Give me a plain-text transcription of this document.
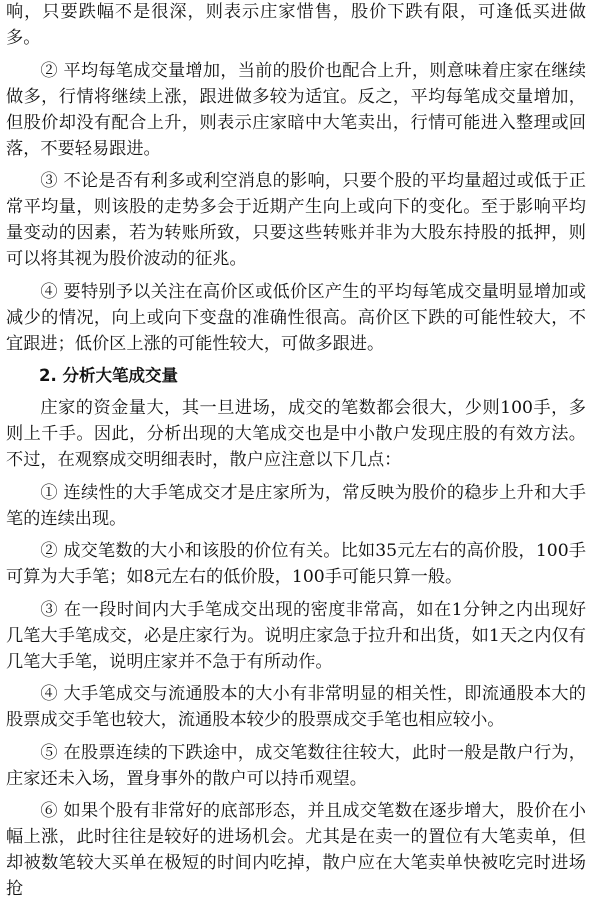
响，只要跌幅不是很深，则表示庄家惜售，股价下跌有限，可逢低买进做多。

② 平均每笔成交量增加，当前的股价也配合上升，则意味着庄家在继续做多，行情将继续上涨，跟进做多较为适宜。反之，平均每笔成交量增加，但股价却没有配合上升，则表示庄家暗中大笔卖出，行情可能进入整理或回落，不要轻易跟进。

③ 不论是否有利多或利空消息的影响，只要个股的平均量超过或低于正常平均量，则该股的走势多会于近期产生向上或向下的变化。至于影响平均量变动的因素，若为转账所致，只要这些转账并非为大股东持股的抵押，则可以将其视为股价波动的征兆。

④ 要特别予以关注在高价区或低价区产生的平均每笔成交量明显增加或减少的情况，向上或向下变盘的准确性很高。高价区下跌的可能性较大，不宜跟进；低价区上涨的可能性较大，可做多跟进。

2. 分析大笔成交量

庄家的资金量大，其一旦进场，成交的笔数都会很大，少则100手，多则上千手。因此，分析出现的大笔成交也是中小散户发现庄股的有效方法。不过，在观察成交明细表时，散户应注意以下几点：

① 连续性的大手笔成交才是庄家所为，常反映为股价的稳步上升和大手笔的连续出现。

② 成交笔数的大小和该股的价位有关。比如35元左右的高价股，100手可算为大手笔；如8元左右的低价股，100手可能只算一般。

③ 在一段时间内大手笔成交出现的密度非常高，如在1分钟之内出现好几笔大手笔成交，必是庄家行为。说明庄家急于拉升和出货，如1天之内仅有几笔大手笔，说明庄家并不急于有所动作。

④ 大手笔成交与流通股本的大小有非常明显的相关性，即流通股本大的股票成交手笔也较大，流通股本较少的股票成交手笔也相应较小。

⑤ 在股票连续的下跌途中，成交笔数往往较大，此时一般是散户行为，庄家还未入场，置身事外的散户可以持币观望。

⑥ 如果个股有非常好的底部形态，并且成交笔数在逐步增大，股价在小幅上涨，此时往往是较好的进场机会。尤其是在卖一的置位有大笔卖单，但却被数笔较大买单在极短的时间内吃掉，散户应在大笔卖单快被吃完时进场抢
